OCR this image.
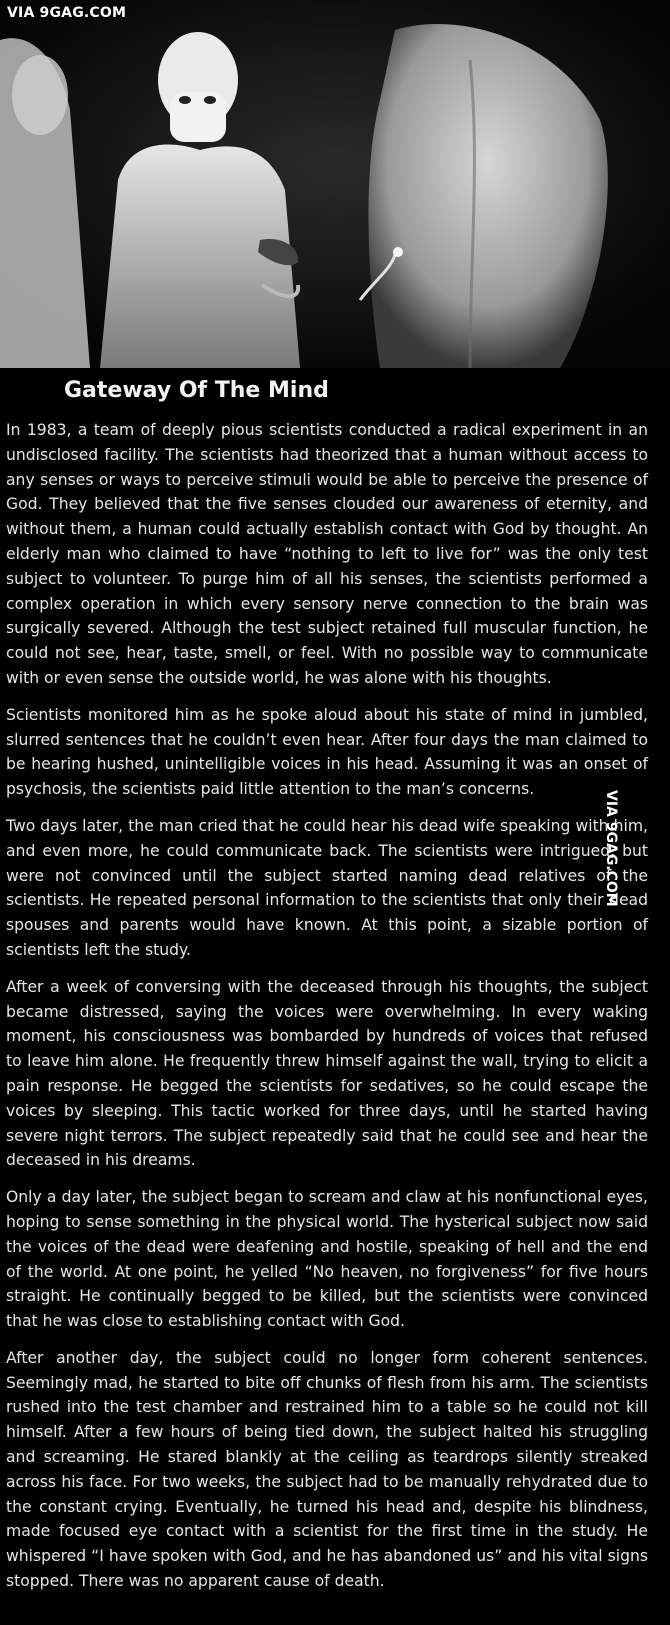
VIA 9GAG.COM
Gateway Of The Mind

In 1983, a team of deeply pious scientists conducted a radical experiment in an undisclosed facility. The scientists had theorized that a human without access to any senses or ways to perceive stimuli would be able to perceive the presence of God. They believed that the five senses clouded our awareness of eternity, and without them, a human could actually establish contact with God by thought. An elderly man who claimed to have “nothing to left to live for” was the only test subject to volunteer. To purge him of all his senses, the scientists performed a complex operation in which every sensory nerve connection to the brain was surgically severed. Although the test subject retained full muscular function, he could not see, hear, taste, smell, or feel. With no possible way to communicate with or even sense the outside world, he was alone with his thoughts.

Scientists monitored him as he spoke aloud about his state of mind in jumbled, slurred sentences that he couldn’t even hear. After four days the man claimed to be hearing hushed, unintelligible voices in his head. Assuming it was an onset of psychosis, the scientists paid little attention to the man’s concerns.

Two days later, the man cried that he could hear his dead wife speaking with him, and even more, he could communicate back. The scientists were intrigued, but were not convinced until the subject started naming dead relatives of the scientists. He repeated personal information to the scientists that only their dead spouses and parents would have known. At this point, a sizable portion of scientists left the study.

After a week of conversing with the deceased through his thoughts, the subject became distressed, saying the voices were overwhelming. In every waking moment, his consciousness was bombarded by hundreds of voices that refused to leave him alone. He frequently threw himself against the wall, trying to elicit a pain response. He begged the scientists for sedatives, so he could escape the voices by sleeping. This tactic worked for three days, until he started having severe night terrors. The subject repeatedly said that he could see and hear the deceased in his dreams.

Only a day later, the subject began to scream and claw at his nonfunctional eyes, hoping to sense something in the physical world. The hysterical subject now said the voices of the dead were deafening and hostile, speaking of hell and the end of the world. At one point, he yelled “No heaven, no forgiveness” for five hours straight. He continually begged to be killed, but the scientists were convinced that he was close to establishing contact with God.

After another day, the subject could no longer form coherent sentences. Seemingly mad, he started to bite off chunks of flesh from his arm. The scientists rushed into the test chamber and restrained him to a table so he could not kill himself. After a few hours of being tied down, the subject halted his struggling and screaming. He stared blankly at the ceiling as teardrops silently streaked across his face. For two weeks, the subject had to be manually rehydrated due to the constant crying. Eventually, he turned his head and, despite his blindness, made focused eye contact with a scientist for the first time in the study. He whispered “I have spoken with God, and he has abandoned us” and his vital signs stopped. There was no apparent cause of death.

VIA 9GAG.COM
